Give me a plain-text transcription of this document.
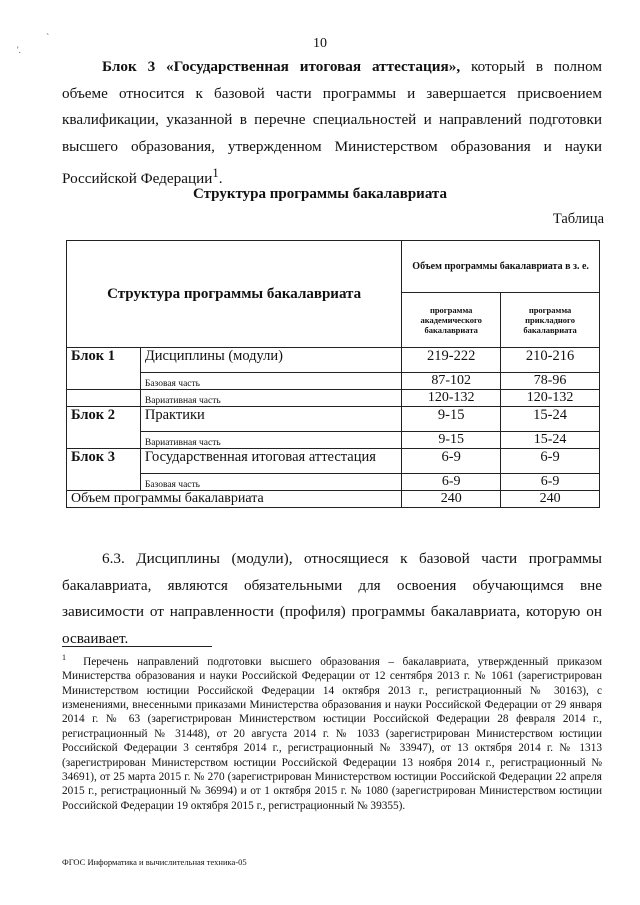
`
'.	10
Блок 3 «Государственная итоговая аттестация», который в полном объеме относится к базовой части программы и завершается присвоением квалификации, указанной в перечне специальностей и направлений подготовки высшего образования, утвержденном Министерством образования и науки Российской Федерации$^1$.
Структура программы бакалавриата
Таблица
Структура программы бакалавриата		Объем программы бакалавриата в з. е.	
		программа академического бакалавриата	программа прикладного бакалавриата
Блок 1	Дисциплины (модули)	219-222	210-216
	Базовая часть	87-102	78-96
	Вариативная часть	120-132	120-132
Блок 2	Практики	9-15	15-24
	Вариативная часть	9-15	15-24
Блок 3	Государственная итоговая аттестация	6-9	6-9
	Базовая часть	6-9	6-9
Объем программы бакалавриата		240	240
6.3. Дисциплины (модули), относящиеся к базовой части программы бакалавриата, являются обязательными для освоения обучающимся вне зависимости от направленности (профиля) программы бакалавриата, которую он осваивает.
$^1$ Перечень направлений подготовки высшего образования – бакалавриата, утвержденный приказом Министерства образования и науки Российской Федерации от 12 сентября 2013 г. № 1061 (зарегистрирован Министерством юстиции Российской Федерации 14 октября 2013 г., регистрационный № 30163), с изменениями, внесенными приказами Министерства образования и науки Российской Федерации от 29 января 2014 г. № 63 (зарегистрирован Министерством юстиции Российской Федерации 28 февраля 2014 г., регистрационный № 31448), от 20 августа 2014 г. № 1033 (зарегистрирован Министерством юстиции Российской Федерации 3 сентября 2014 г., регистрационный № 33947), от 13 октября 2014 г. № 1313 (зарегистрирован Министерством юстиции Российской Федерации 13 ноября 2014 г., регистрационный № 34691), от 25 марта 2015 г. № 270 (зарегистрирован Министерством юстиции Российской Федерации 22 апреля 2015 г., регистрационный № 36994) и от 1 октября 2015 г. № 1080 (зарегистрирован Министерством юстиции Российской Федерации 19 октября 2015 г., регистрационный № 39355).
ФГОС Информатика и вычислительная техника-05
